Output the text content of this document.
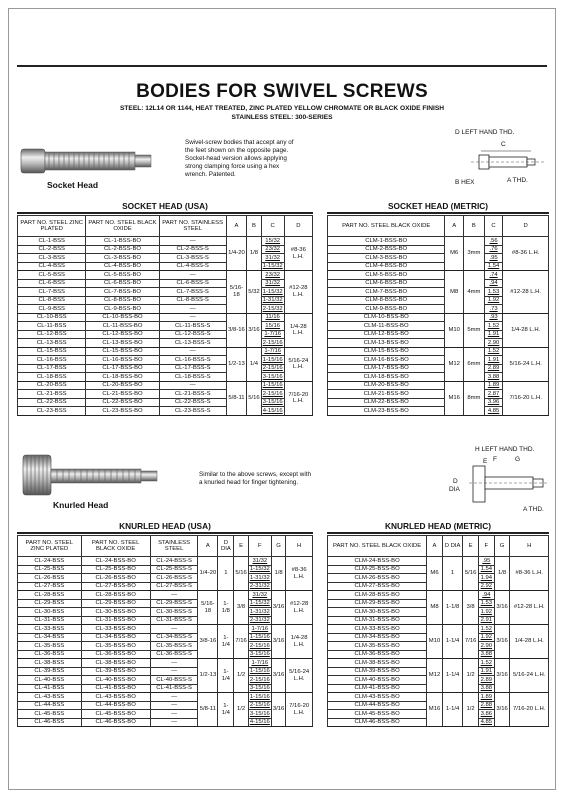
BODIES FOR SWIVEL SCREWS
STEEL: 12L14 OR 1144, HEAT TREATED, ZINC PLATED YELLOW CHROMATE OR BLACK OXIDE FINISH
STAINLESS STEEL: 300-SERIES
Socket Head
Swivel-screw bodies that accept any of
the feet shown on the opposite page.
Socket-head version allows applying
strong clamping force using a hex
wrench. Patented.
D LEFT HAND THD.
C
B HEX	A THD.
SOCKET HEAD (USA)	SOCKET HEAD (METRIC)
PART NO. STEEL ZINC PLATED	PART NO. STEEL BLACK OXIDE	PART NO. STAINLESS STEEL	A	B	C	D
CL-1-BSS	CL-1-BSS-BO	—	1/4-20	1/8	15/32	#8-36 L.H.
CL-2-BSS	CL-2-BSS-BO	CL-2-BSS-S			23/32	
CL-3-BSS	CL-3-BSS-BO	CL-3-BSS-S			31/32	
CL-4-BSS	CL-4-BSS-BO	CL-4-BSS-S			1-15/32	
CL-5-BSS	CL-5-BSS-BO	—	5/16-18	5/32	23/32	#12-28 L.H.
CL-6-BSS	CL-6-BSS-BO	CL-6-BSS-S			31/32	
CL-7-BSS	CL-7-BSS-BO	CL-7-BSS-S			1-15/32	
CL-8-BSS	CL-8-BSS-BO	CL-8-BSS-S			1-31/32	
CL-9-BSS	CL-9-BSS-BO	—			2-15/32	
CL-10-BSS	CL-10-BSS-BO	—	3/8-16	3/16	11/16	1/4-28 L.H.
CL-11-BSS	CL-11-BSS-BO	CL-11-BSS-S			15/16	
CL-12-BSS	CL-12-BSS-BO	CL-12-BSS-S			1-7/16	
CL-13-BSS	CL-13-BSS-BO	CL-13-BSS-S			2-15/16	
CL-15-BSS	CL-15-BSS-BO	—	1/2-13	1/4	1-7/16	5/16-24 L.H.
CL-16-BSS	CL-16-BSS-BO	CL-16-BSS-S			1-15/16	
CL-17-BSS	CL-17-BSS-BO	CL-17-BSS-S			2-15/16	
CL-18-BSS	CL-18-BSS-BO	CL-18-BSS-S			3-15/16	
CL-20-BSS	CL-20-BSS-BO	—	5/8-11	5/16	1-15/16	7/16-20 L.H.
CL-21-BSS	CL-21-BSS-BO	CL-21-BSS-S			2-15/16	
CL-22-BSS	CL-22-BSS-BO	CL-22-BSS-S			3-15/16	
CL-23-BSS	CL-23-BSS-BO	CL-23-BSS-S			4-15/16	
PART NO. STEEL BLACK OXIDE	A	B	C	D
CLM-1-BSS-BO	M6	3mm	.56	#8-36 L.H.
CLM-2-BSS-BO			.76	
CLM-3-BSS-BO			.95	
CLM-4-BSS-BO			1.54	
CLM-5-BSS-BO	M8	4mm	.74	#12-28 L.H.
CLM-6-BSS-BO			.94	
CLM-7-BSS-BO			1.53	
CLM-8-BSS-BO			1.92	
CLM-9-BSS-BO			.73	
CLM-10-BSS-BO	M10	5mm	.93	1/4-28 L.H.
CLM-11-BSS-BO			1.52	
CLM-12-BSS-BO			1.91	
CLM-13-BSS-BO			2.90	
CLM-15-BSS-BO	M12	6mm	1.52	5/16-24 L.H.
CLM-16-BSS-BO			1.91	
CLM-17-BSS-BO			2.89	
CLM-18-BSS-BO			3.88	
CLM-20-BSS-BO	M16	8mm	1.89	7/16-20 L.H.
CLM-21-BSS-BO			2.87	
CLM-22-BSS-BO			3.96	
CLM-23-BSS-BO			4.85	
Knurled Head
Similar to the above screws, except with
a knurled head for finger tightening.
H LEFT HAND THD.
E F	G
D
DIA
A THD.
KNURLED HEAD (USA)	KNURLED HEAD (METRIC)
PART NO. STEEL ZINC PLATED	PART NO. STEEL BLACK OXIDE	STAINLESS STEEL	A	D DIA	E	F	G	H
CL-24-BSS	CL-24-BSS-BO	CL-24-BSS-S	1/4-20	1	5/16	31/32	1/8	#8-36 L.H.
CL-25-BSS	CL-25-BSS-BO	CL-25-BSS-S				1-15/32		
CL-26-BSS	CL-26-BSS-BO	CL-26-BSS-S				1-31/32		
CL-27-BSS	CL-27-BSS-BO	CL-27-BSS-S				2-31/32		
CL-28-BSS	CL-28-BSS-BO	—	5/16-18	1-1/8	3/8	31/32	3/16	#12-28 L.H.
CL-29-BSS	CL-29-BSS-BO	CL-29-BSS-S				1-15/32		
CL-30-BSS	CL-30-BSS-BO	CL-30-BSS-S				1-31/32		
CL-31-BSS	CL-31-BSS-BO	CL-31-BSS-S				2-31/32		
CL-33-BSS	CL-33-BSS-BO	—	3/8-16	1-1/4	7/16	1-7/16	3/16	1/4-28 L.H.
CL-34-BSS	CL-34-BSS-BO	CL-34-BSS-S				1-15/16		
CL-35-BSS	CL-35-BSS-BO	CL-35-BSS-S				2-15/16		
CL-36-BSS	CL-36-BSS-BO	CL-36-BSS-S				3-15/16		
CL-38-BSS	CL-38-BSS-BO	—	1/2-13	1-1/4	1/2	1-7/16	3/16	5/16-24 L.H.
CL-39-BSS	CL-39-BSS-BO	—				1-15/16		
CL-40-BSS	CL-40-BSS-BO	CL-40-BSS-S				2-15/16		
CL-41-BSS	CL-41-BSS-BO	CL-41-BSS-S				3-15/16		
CL-43-BSS	CL-43-BSS-BO	—	5/8-11	1-1/4	1/2	1-15/16	3/16	7/16-20 L.H.
CL-44-BSS	CL-44-BSS-BO	—				2-15/16		
CL-45-BSS	CL-45-BSS-BO	—				3-15/16		
CL-46-BSS	CL-46-BSS-BO	—				4-15/16		
PART NO. STEEL BLACK OXIDE	A	D DIA	E	F	G	H
CLM-24-BSS-BO	M6	1	5/16	.95	1/8	#8-36 L.H.
CLM-25-BSS-BO				1.54		
CLM-26-BSS-BO				1.94		
CLM-27-BSS-BO				2.92		
CLM-28-BSS-BO	M8	1-1/8	3/8	.94	3/16	#12-28 L.H.
CLM-29-BSS-BO				1.53		
CLM-30-BSS-BO				1.92		
CLM-31-BSS-BO				2.91		
CLM-33-BSS-BO	M10	1-1/4	7/16	1.52	3/16	1/4-28 L.H.
CLM-34-BSS-BO				1.92		
CLM-35-BSS-BO				2.90		
CLM-36-BSS-BO				3.88		
CLM-38-BSS-BO	M12	1-1/4	1/2	1.52	3/16	5/16-24 L.H.
CLM-39-BSS-BO				1.91		
CLM-40-BSS-BO				2.89		
CLM-41-BSS-BO				3.88		
CLM-43-BSS-BO	M16	1-1/4	1/2	1.89	3/16	7/16-20 L.H.
CLM-44-BSS-BO				2.88		
CLM-45-BSS-BO				3.86		
CLM-46-BSS-BO				4.85		
